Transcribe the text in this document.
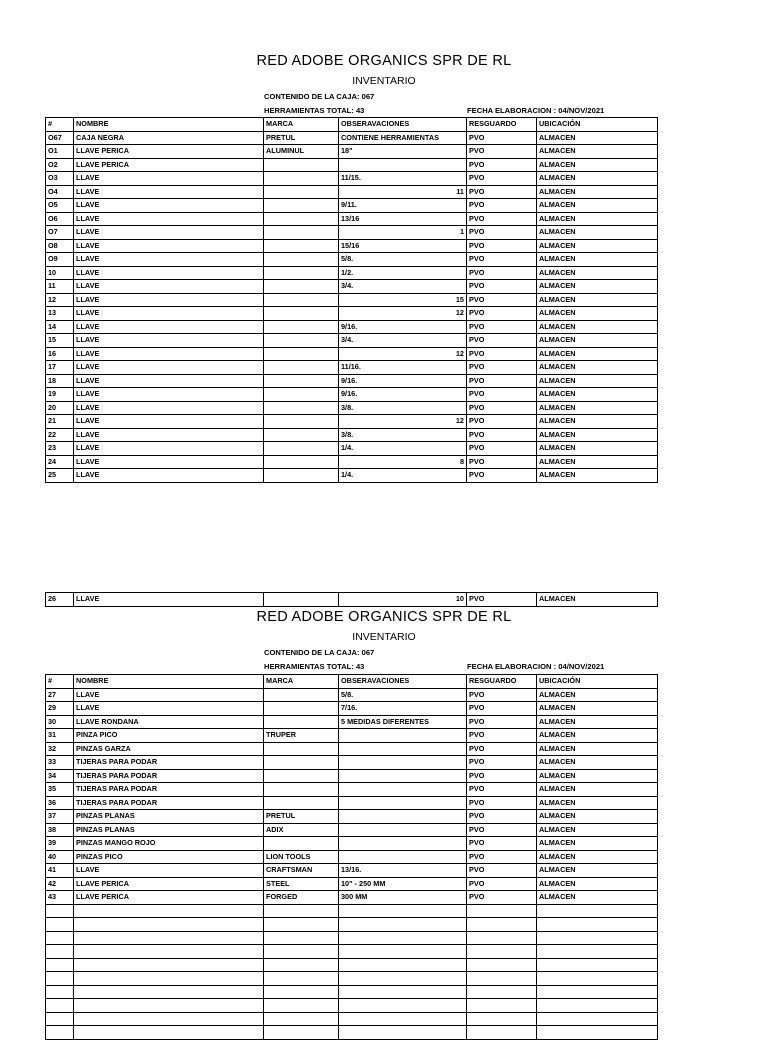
RED ADOBE ORGANICS SPR DE RL
INVENTARIO
CONTENIDO DE LA CAJA: 067
HERRAMIENTAS TOTAL: 43	FECHA ELABORACION : 04/NOV/2021
#	NOMBRE	MARCA	OBSERAVACIONES	RESGUARDO	UBICACIÓN
O67	CAJA NEGRA	PRETUL	CONTIENE HERRAMIENTAS	PVO	ALMACEN
O1	LLAVE PERICA	ALUMINUL	18"	PVO	ALMACEN
O2	LLAVE PERICA			PVO	ALMACEN
O3	LLAVE		11/15.	PVO	ALMACEN
O4	LLAVE		11	PVO	ALMACEN
O5	LLAVE		9/11.	PVO	ALMACEN
O6	LLAVE		13/16	PVO	ALMACEN
O7	LLAVE		1	PVO	ALMACEN
O8	LLAVE		15/16	PVO	ALMACEN
O9	LLAVE		5/8.	PVO	ALMACEN
10	LLAVE		1/2.	PVO	ALMACEN
11	LLAVE		3/4.	PVO	ALMACEN
12	LLAVE		15	PVO	ALMACEN
13	LLAVE		12	PVO	ALMACEN
14	LLAVE		9/16.	PVO	ALMACEN
15	LLAVE		3/4.	PVO	ALMACEN
16	LLAVE		12	PVO	ALMACEN
17	LLAVE		11/16.	PVO	ALMACEN
18	LLAVE		9/16.	PVO	ALMACEN
19	LLAVE		9/16.	PVO	ALMACEN
20	LLAVE		3/8.	PVO	ALMACEN
21	LLAVE		12	PVO	ALMACEN
22	LLAVE		3/8.	PVO	ALMACEN
23	LLAVE		1/4.	PVO	ALMACEN
24	LLAVE		8	PVO	ALMACEN
25	LLAVE		1/4.	PVO	ALMACEN
26	LLAVE		10	PVO	ALMACEN
RED ADOBE ORGANICS SPR DE RL
INVENTARIO
CONTENIDO DE LA CAJA: 067
HERRAMIENTAS TOTAL: 43	FECHA ELABORACION : 04/NOV/2021
#	NOMBRE	MARCA	OBSERAVACIONES	RESGUARDO	UBICACIÓN
27	LLAVE		5/8.	PVO	ALMACEN
29	LLAVE		7/16.	PVO	ALMACEN
30	LLAVE RONDANA		5 MEDIDAS DIFERENTES	PVO	ALMACEN
31	PINZA PICO	TRUPER		PVO	ALMACEN
32	PINZAS GARZA			PVO	ALMACEN
33	TIJERAS PARA PODAR			PVO	ALMACEN
34	TIJERAS PARA PODAR			PVO	ALMACEN
35	TIJERAS PARA PODAR			PVO	ALMACEN
36	TIJERAS PARA PODAR			PVO	ALMACEN
37	PINZAS PLANAS	PRETUL		PVO	ALMACEN
38	PINZAS PLANAS	ADIX		PVO	ALMACEN
39	PINZAS MANGO ROJO			PVO	ALMACEN
40	PINZAS PICO	LION TOOLS		PVO	ALMACEN
41	LLAVE	CRAFTSMAN	13/16.	PVO	ALMACEN
42	LLAVE PERICA	STEEL	10" - 250 MM	PVO	ALMACEN
43	LLAVE PERICA	FORGED	300 MM	PVO	ALMACEN
